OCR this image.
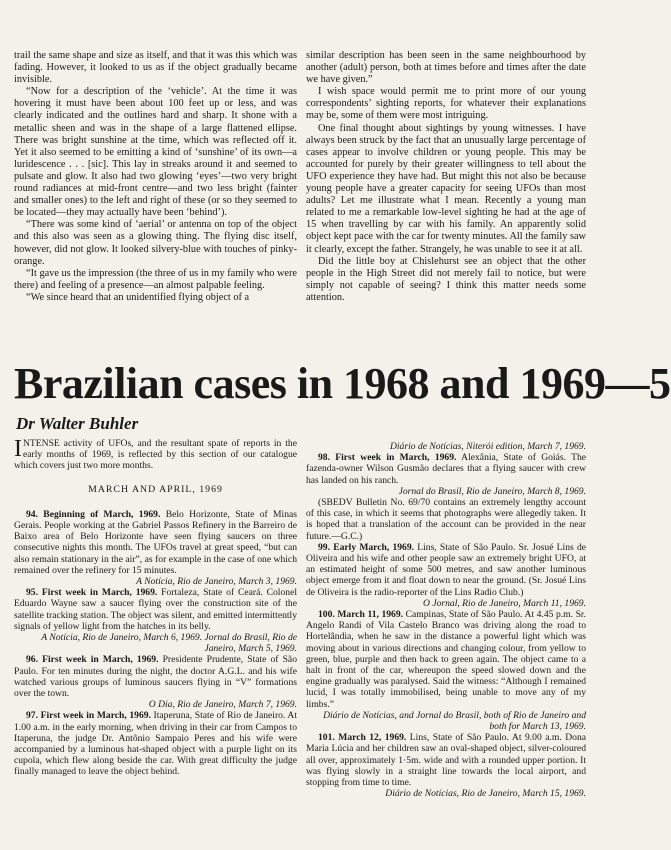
trail the same shape and size as itself, and that it was this which was fading. However, it looked to us as if the object gradually became invisible.

“Now for a description of the ‘vehicle’. At the time it was hovering it must have been about 100 feet up or less, and was clearly indicated and the outlines hard and sharp. It shone with a metallic sheen and was in the shape of a large flattened ellipse. There was bright sunshine at the time, which was reflected off it. Yet it also seemed to be emitting a kind of ‘sunshine’ of its own—a luridescence . . . [sic]. This lay in streaks around it and seemed to pulsate and glow. It also had two glowing ‘eyes’—two very bright round radiances at mid-front centre—and two less bright (fainter and smaller ones) to the left and right of these (or so they seemed to be located—they may actually have been ‘behind’).

“There was some kind of ‘aerial’ or antenna on top of the object and this also was seen as a glowing thing. The flying disc itself, however, did not glow. It looked silvery-blue with touches of pinky-orange.

“It gave us the impression (the three of us in my family who were there) and feeling of a presence—an almost palpable feeling.

“We since heard that an unidentified flying object of a

similar description has been seen in the same neighbourhood by another (adult) person, both at times before and times after the date we have given.”

I wish space would permit me to print more of our young correspondents’ sighting reports, for whatever their explanations may be, some of them were most intriguing.

One final thought about sightings by young witnesses. I have always been struck by the fact that an unusually large percentage of cases appear to involve children or young people. This may be accounted for purely by their greater willingness to tell about the UFO experience they have had. But might this not also be because young people have a greater capacity for seeing UFOs than most adults? Let me illustrate what I mean. Recently a young man related to me a remarkable low-level sighting he had at the age of 15 when travelling by car with his family. An apparently solid object kept pace with the car for twenty minutes. All the family saw it clearly, except the father. Strangely, he was unable to see it at all.

Did the little boy at Chislehurst see an object that the other people in the High Street did not merely fail to notice, but were simply not capable of seeing? I think this matter needs some attention.

Brazilian cases in 1968 and 1969—5
Dr Walter Buhler

INTENSE activity of UFOs, and the resultant spate of reports in the early months of 1969, is reflected by this section of our catalogue which covers just two more months.

MARCH AND APRIL, 1969

94. Beginning of March, 1969. Belo Horizonte, State of Minas Gerais. People working at the Gabriel Passos Refinery in the Barreiro de Baixo area of Belo Horizonte have seen flying saucers on three consecutive nights this month. The UFOs travel at great speed, “but can also remain stationary in the air”, as for example in the case of one which remained over the refinery for 15 minutes.

A Notícia, Rio de Janeiro, March 3, 1969.

95. First week in March, 1969. Fortaleza, State of Ceará. Colonel Eduardo Wayne saw a saucer flying over the construction site of the satellite tracking station. The object was silent, and emitted intermittently signals of yellow light from the hatches in its belly.

A Notícia, Rio de Janeiro, March 6, 1969. Jornal do Brasil, Rio de Janeiro, March 5, 1969.

96. First week in March, 1969. Presidente Prudente, State of São Paulo. For ten minutes during the night, the doctor A.G.L. and his wife watched various groups of luminous saucers flying in “V” formations over the town.

O Dia, Rio de Janeiro, March 7, 1969.

97. First week in March, 1969. Itaperuna, State of Rio de Janeiro. At 1.00 a.m. in the early morning, when driving in their car from Campos to Itaperuna, the judge Dr. Antônio Sampaio Peres and his wife were accompanied by a luminous hat-shaped object with a purple light on its cupola, which flew along beside the car. With great difficulty the judge finally managed to leave the object behind.

Diário de Notícias, Niterói edition, March 7, 1969.

98. First week in March, 1969. Alexânia, State of Goiás. The fazenda-owner Wilson Gusmão declares that a flying saucer with crew has landed on his ranch.

Jornal do Brasil, Rio de Janeiro, March 8, 1969.

(SBEDV Bulletin No. 69/70 contains an extremely lengthy account of this case, in which it seems that photographs were allegedly taken. It is hoped that a translation of the account can be provided in the near future.—G.C.)

99. Early March, 1969. Lins, State of São Paulo. Sr. Josué Lins de Oliveira and his wife and other people saw an extremely bright UFO, at an estimated height of some 500 metres, and saw another luminous object emerge from it and float down to near the ground. (Sr. Josué Lins de Oliveira is the radio-reporter of the Lins Radio Club.)

O Jornal, Rio de Janeiro, March 11, 1969.

100. March 11, 1969. Campinas, State of São Paulo. At 4.45 p.m. Sr. Angelo Randi of Vila Castelo Branco was driving along the road to Hortelândia, when he saw in the distance a powerful light which was moving about in various directions and changing colour, from yellow to green, blue, purple and then back to green again. The object came to a halt in front of the car, whereupon the speed slowed down and the engine gradually was paralysed. Said the witness: “Although I remained lucid, I was totally immobilised, being unable to move any of my limbs.”

Diário de Notícias, and Jornal do Brasil, both of Rio de Janeiro and both for March 13, 1969.

101. March 12, 1969. Lins, State of São Paulo. At 9.00 a.m. Dona Maria Lúcia and her children saw an oval-shaped object, silver-coloured all over, approximately 1·5m. wide and with a rounded upper portion. It was flying slowly in a straight line towards the local airport, and stopping from time to time.

Diário de Notícias, Rio de Janeiro, March 15, 1969.
